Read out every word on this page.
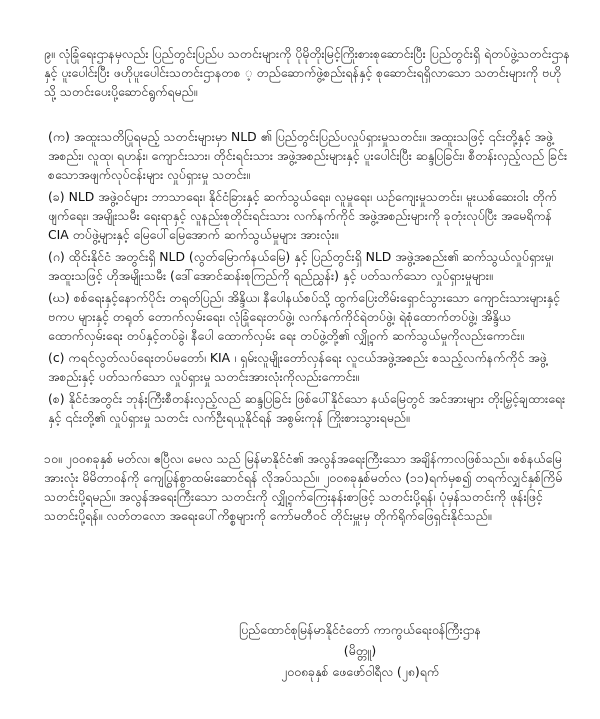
၉။ လုံခြုံရေးဌာနမှလည်း ပြည်တွင်းပြည်ပ သတင်းများကို ပိုမိုတိုးမြင့်ကြိုးစားစုဆောင်းပြီး ပြည်တွင်းရှိ ရဲတပ်ဖွဲ့သတင်းဌာန နှင့် ပူးပေါင်းပြီး ဖဟိုပူးပေါင်းသတင်းဌာနတစ ့ တည်ဆောက်ဖွဲ့စည်းရန်နှင့် စုဆောင်းရရှိလာသော သတင်းများကို ဗဟိုသို့ သတင်းပေးပို့ဆောင်ရွက်ရမည်။

(က) အထူးသတိပြုရမည့် သတင်းများမှာ NLD ၏ ပြည်တွင်းပြည်ပလှုပ်ရှားမှုသတင်း။ အထူးသဖြင့် ၎င်းတို့နှင့် အဖွဲ့အစည်း၊ လူထု၊ ရဟန်း၊ ကျောင်းသား၊ တိုင်းရင်းသား အဖွဲ့အစည်းများနှင့် ပူးပေါင်းပြီး ဆန္ဒပြခြင်း၊ စီတန်းလှည့်လည် ခြင်းစသောအဖျက်လုပ်ငန်းများ လှုပ်ရှားမှု သတင်း။

(ခ) NLD အဖွဲ့ဝင်များ ဘာသာရေး၊ နိုင်ငံခြားနှင့် ဆက်သွယ်ရေး၊ လူမှုရေး၊ ယဉ်ကျေးမှုသတင်း၊ မူးယစ်ဆေးဝါး တိုက်ဖျက်ရေး၊ အမျိုးသမီး ရေးရာနှင့် လူနည်းစုတိုင်းရင်းသား လက်နက်ကိုင် အဖွဲ့အစည်းများကို ခုတုံးလုပ်ပြီး အမေရိကန် CIA တပ်ဖွဲ့များနှင့် မြေပေါ်မြေအောက် ဆက်သွယ်မှုများ အားလုံး။

(ဂ) ထိုင်းနိုင်ငံ အတွင်းရှိ NLD (လွတ်မြောက်နယ်မြေ) နှင့် ပြည်တွင်းရှိ NLD အဖွဲ့အစည်း၏ ဆက်သွယ်လှုပ်ရှားမှု၊ အထူးသဖြင့် ဟိုအမျိုးသမီး (ဒေါ်အောင်ဆန်းစုကြည်ကို ရည်ညွှန်း) နှင့် ပတ်သက်သော လှုပ်ရှားမှုများ။

(ဃ) စစ်ရေးနှင့်နောက်ပိုင်း တရုတ်ပြည်၊ အိန္ဒိယ၊ နီပေါနယ်စပ်သို့ ထွက်ပြေးတိမ်းရှောင်သွားသော ကျောင်းသားများနှင့် ဗကပ များနှင့် တရုတ် တောက်လှမ်းရေး၊ လုံခြုံရေးတပ်ဖွဲ့၊ လက်နက်ကိုင်ရဲတပ်ဖွဲ့၊ ရဲစုံထောက်တပ်ဖွဲ့၊ အိန္ဒိယ ထောက်လှမ်းရေး တပ်နှင့်တပ်ခွဲ၊ နီပေါ ထောက်လှမ်း ရေး တပ်ဖွဲ့တို့၏ လျှို့ဝှက် ဆက်သွယ်မှုကိုလည်းကောင်း။

(c) ကရင်လွတ်လပ်ရေးတပ်မတော်၊ KIA ၊ ရှမ်းလူမျိုးတော်လှန်ရေး လူငယ်အဖွဲ့အစည်း စသည့်လက်နက်ကိုင် အဖွဲ့အစည်းနှင့် ပတ်သက်သော လှုပ်ရှားမှု သတင်းအားလုံးကိုလည်းကောင်း။

(စ) နိုင်ငံအတွင်း ဘုန်းကြီးစီတန်းလှည့်လည် ဆန္ဒပြခြင်း ဖြစ်ပေါ်နိုင်သော နယ်မြေတွင် အင်အားများ တိုးမြှင့်ချထားရေး နှင့် ၎င်းတို့၏ လှုပ်ရှားမှု သတင်း လက်ဦးရယူနိုင်ရန် အစွမ်းကုန် ကြိုးစားသွားရမည်။

၁၀။ ၂၀၀၈ခုနှစ် မတ်လ၊ ဧပြီလ၊ မေလ သည် မြန်မာနိုင်ငံ၏ အလွန်အရေးကြီးသော အချိန်ကာလဖြစ်သည်။ စစ်နယ်မြေ အားလုံး မိမိတာဝန်ကို ကျေပြွန်စွာထမ်းဆောင်ရန် လိုအပ်သည်။ ၂၀၀၈ခုနှစ်မတ်လ (၁၁)ရက်မှစ၍ တရက်လျှင်နှစ်ကြိမ် သတင်းပို့ရမည်။ အလွန်အရေးကြီးသော သတင်းကို လျှို့ဝှက်ကြေးနန်းစာဖြင့် သတင်းပို့ရန်၊ ပုံမှန်သတင်းကို ဖုန်းဖြင့် သတင်းပို့ရန်။ လတ်တလော အရေးပေါ်ကိစ္စများကို ကော်မတီဝင် တိုင်းမှူးမှ တိုက်ရိုက်ဖြေရှင်းနိုင်သည်။

ပြည်ထောင်စုမြန်မာနိုင်ငံတော် ကာကွယ်ရေးဝန်ကြီးဌာန
(မိတ္တူ)
၂၀၀၈ခုနှစ် ဖေဖော်ဝါရီလ (၂၈)ရက်
